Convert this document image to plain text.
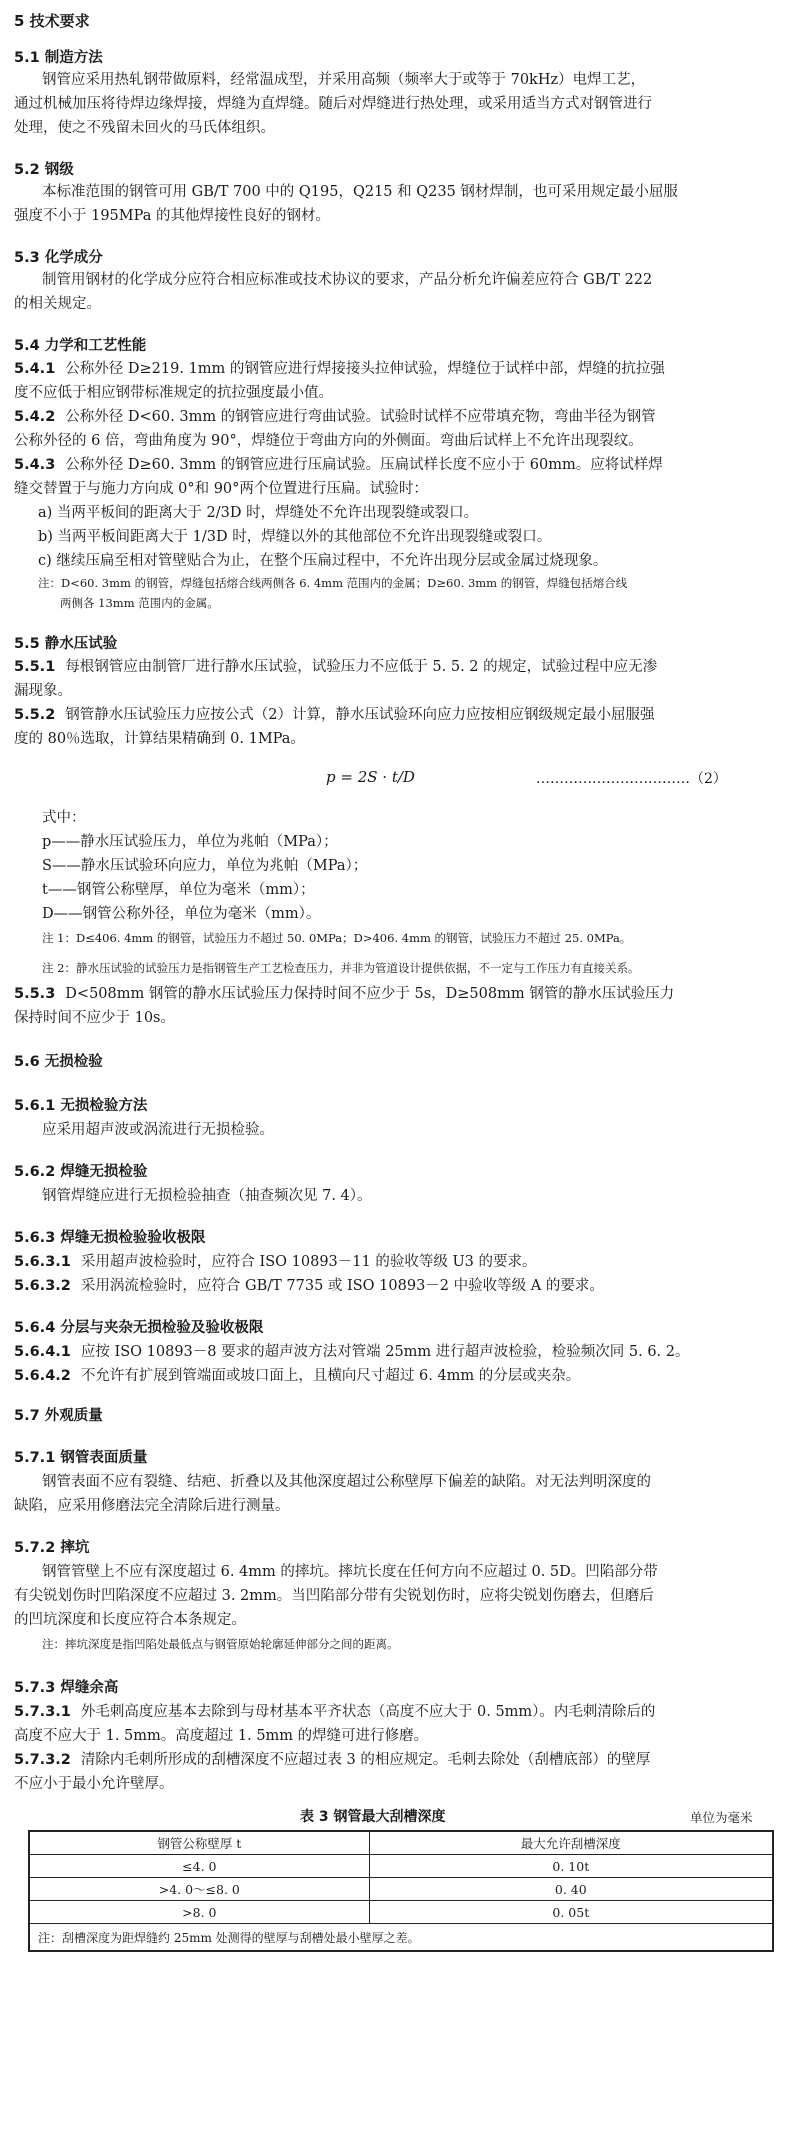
5 技术要求
5.1 制造方法
钢管应采用热轧钢带做原料，经常温成型，并采用高频（频率大于或等于 70kHz）电焊工艺，
通过机械加压将待焊边缘焊接，焊缝为直焊缝。随后对焊缝进行热处理，或采用适当方式对钢管进行
处理，使之不残留未回火的马氏体组织。
5.2 钢级
本标准范围的钢管可用 GB/T 700 中的 Q195，Q215 和 Q235 钢材焊制，也可采用规定最小屈服
强度不小于 195MPa 的其他焊接性良好的钢材。
5.3 化学成分
制管用钢材的化学成分应符合相应标准或技术协议的要求，产品分析允许偏差应符合 GB/T 222
的相关规定。
5.4 力学和工艺性能
5.4.1 公称外径 D≥219. 1mm 的钢管应进行焊接接头拉伸试验，焊缝位于试样中部，焊缝的抗拉强
度不应低于相应钢带标准规定的抗拉强度最小值。
5.4.2 公称外径 D<60. 3mm 的钢管应进行弯曲试验。试验时试样不应带填充物，弯曲半径为钢管
公称外径的 6 倍，弯曲角度为 90°，焊缝位于弯曲方向的外侧面。弯曲后试样上不允许出现裂纹。
5.4.3 公称外径 D≥60. 3mm 的钢管应进行压扁试验。压扁试样长度不应小于 60mm。应将试样焊
缝交替置于与施力方向成 0°和 90°两个位置进行压扁。试验时：
a) 当两平板间的距离大于 2/3D 时，焊缝处不允许出现裂缝或裂口。
b) 当两平板间距离大于 1/3D 时，焊缝以外的其他部位不允许出现裂缝或裂口。
c) 继续压扁至相对管壁贴合为止，在整个压扁过程中，不允许出现分层或金属过烧现象。
注：D<60. 3mm 的钢管，焊缝包括熔合线两侧各 6. 4mm 范围内的金属；D≥60. 3mm 的钢管，焊缝包括熔合线
两侧各 13mm 范围内的金属。
5.5 静水压试验
5.5.1 每根钢管应由制管厂进行静水压试验，试验压力不应低于 5. 5. 2 的规定，试验过程中应无渗
漏现象。
5.5.2 钢管静水压试验压力应按公式（2）计算，静水压试验环向应力应按相应钢级规定最小屈服强
度的 80％选取，计算结果精确到 0. 1MPa。
p = 2S · t/D	……………………………（2）
式中：
p——静水压试验压力，单位为兆帕（MPa）；
S——静水压试验环向应力，单位为兆帕（MPa）；
t——钢管公称壁厚，单位为毫米（mm）；
D——钢管公称外径，单位为毫米（mm）。
注 1：D≤406. 4mm 的钢管，试验压力不超过 50. 0MPa；D>406. 4mm 的钢管，试验压力不超过 25. 0MPa。
注 2：静水压试验的试验压力是指钢管生产工艺检查压力，并非为管道设计提供依据，不一定与工作压力有直接关系。
5.5.3 D<508mm 钢管的静水压试验压力保持时间不应少于 5s，D≥508mm 钢管的静水压试验压力
保持时间不应少于 10s。
5.6 无损检验
5.6.1 无损检验方法
应采用超声波或涡流进行无损检验。
5.6.2 焊缝无损检验
钢管焊缝应进行无损检验抽查（抽查频次见 7. 4）。
5.6.3 焊缝无损检验验收极限
5.6.3.1 采用超声波检验时，应符合 ISO 10893－11 的验收等级 U3 的要求。
5.6.3.2 采用涡流检验时，应符合 GB/T 7735 或 ISO 10893－2 中验收等级 A 的要求。
5.6.4 分层与夹杂无损检验及验收极限
5.6.4.1 应按 ISO 10893－8 要求的超声波方法对管端 25mm 进行超声波检验，检验频次同 5. 6. 2。
5.6.4.2 不允许有扩展到管端面或坡口面上，且横向尺寸超过 6. 4mm 的分层或夹杂。
5.7 外观质量
5.7.1 钢管表面质量
钢管表面不应有裂缝、结疤、折叠以及其他深度超过公称壁厚下偏差的缺陷。对无法判明深度的
缺陷，应采用修磨法完全清除后进行测量。
5.7.2 摔坑
钢管管壁上不应有深度超过 6. 4mm 的摔坑。摔坑长度在任何方向不应超过 0. 5D。凹陷部分带
有尖锐划伤时凹陷深度不应超过 3. 2mm。当凹陷部分带有尖锐划伤时，应将尖锐划伤磨去，但磨后
的凹坑深度和长度应符合本条规定。
注：摔坑深度是指凹陷处最低点与钢管原始轮廓延伸部分之间的距离。
5.7.3 焊缝余高
5.7.3.1 外毛刺高度应基本去除到与母材基本平齐状态（高度不应大于 0. 5mm）。内毛刺清除后的
高度不应大于 1. 5mm。高度超过 1. 5mm 的焊缝可进行修磨。
5.7.3.2 清除内毛刺所形成的刮槽深度不应超过表 3 的相应规定。毛刺去除处（刮槽底部）的壁厚
不应小于最小允许壁厚。
表 3 钢管最大刮槽深度	单位为毫米
钢管公称壁厚 t	最大允许刮槽深度
≤4. 0	0. 10t
>4. 0～≤8. 0	0. 40
>8. 0	0. 05t
注：刮槽深度为距焊缝约 25mm 处测得的壁厚与刮槽处最小壁厚之差。	
